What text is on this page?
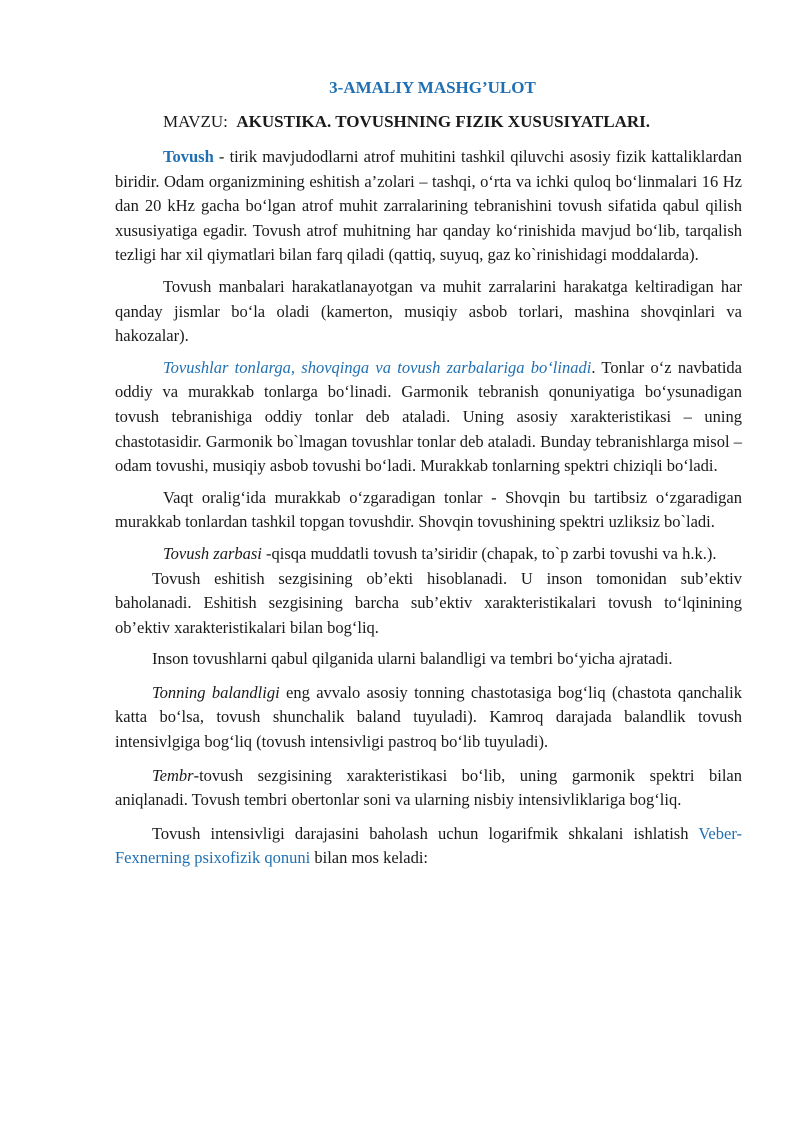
3-AMALIY MASHG’ULOT
MAVZU: AKUSTIKA. TOVUSHNING FIZIK XUSUSIYATLARI.

Tovush - tirik mavjudodlarni atrof muhitini tashkil qiluvchi asosiy fizik kattaliklardan biridir. Odam organizmining eshitish a’zolari – tashqi, o‘rta va ichki quloq bo‘linmalari 16 Hz dan 20 kHz gacha bo‘lgan atrof muhit zarralarining tebranishini tovush sifatida qabul qilish xususiyatiga egadir. Tovush atrof muhitning har qanday ko‘rinishida mavjud bo‘lib, tarqalish tezligi har xil qiymatlari bilan farq qiladi (qattiq, suyuq, gaz ko`rinishidagi moddalarda).

Tovush manbalari harakatlanayotgan va muhit zarralarini harakatga keltiradigan har qanday jismlar bo‘la oladi (kamerton, musiqiy asbob torlari, mashina shovqinlari va hakozalar).

Tovushlar tonlarga, shovqinga va tovush zarbalariga bo‘linadi. Tonlar o‘z navbatida oddiy va murakkab tonlarga bo‘linadi. Garmonik tebranish qonuniyatiga bo‘ysunadigan tovush tebranishiga oddiy tonlar deb ataladi. Uning asosiy xarakteristikasi – uning chastotasidir. Garmonik bo`lmagan tovushlar tonlar deb ataladi. Bunday tebranishlarga misol – odam tovushi, musiqiy asbob tovushi bo‘ladi. Murakkab tonlarning spektri chiziqli bo‘ladi.

Vaqt oralig‘ida murakkab o‘zgaradigan tonlar - Shovqin bu tartibsiz o‘zgaradigan murakkab tonlardan tashkil topgan tovushdir. Shovqin tovushining spektri uzliksiz bo`ladi.

Tovush zarbasi -qisqa muddatli tovush ta’siridir (chapak, to`p zarbi tovushi va h.k.).

Tovush eshitish sezgisining ob’ekti hisoblanadi. U inson tomonidan sub’ektiv baholanadi. Eshitish sezgisining barcha sub’ektiv xarakteristikalari tovush to‘lqinining ob’ektiv xarakteristikalari bilan bog‘liq.

Inson tovushlarni qabul qilganida ularni balandligi va tembri bo‘yicha ajratadi.

Tonning balandligi eng avvalo asosiy tonning chastotasiga bog‘liq (chastota qanchalik katta bo‘lsa, tovush shunchalik baland tuyuladi). Kamroq darajada balandlik tovush intensivlgiga bog‘liq (tovush intensivligi pastroq bo‘lib tuyuladi).

Tembr-tovush sezgisining xarakteristikasi bo‘lib, uning garmonik spektri bilan aniqlanadi. Tovush tembri obertonlar soni va ularning nisbiy intensivliklariga bog‘liq.

Tovush intensivligi darajasini baholash uchun logarifmik shkalani ishlatish Veber-Fexnerning psixofizik qonuni bilan mos keladi:
